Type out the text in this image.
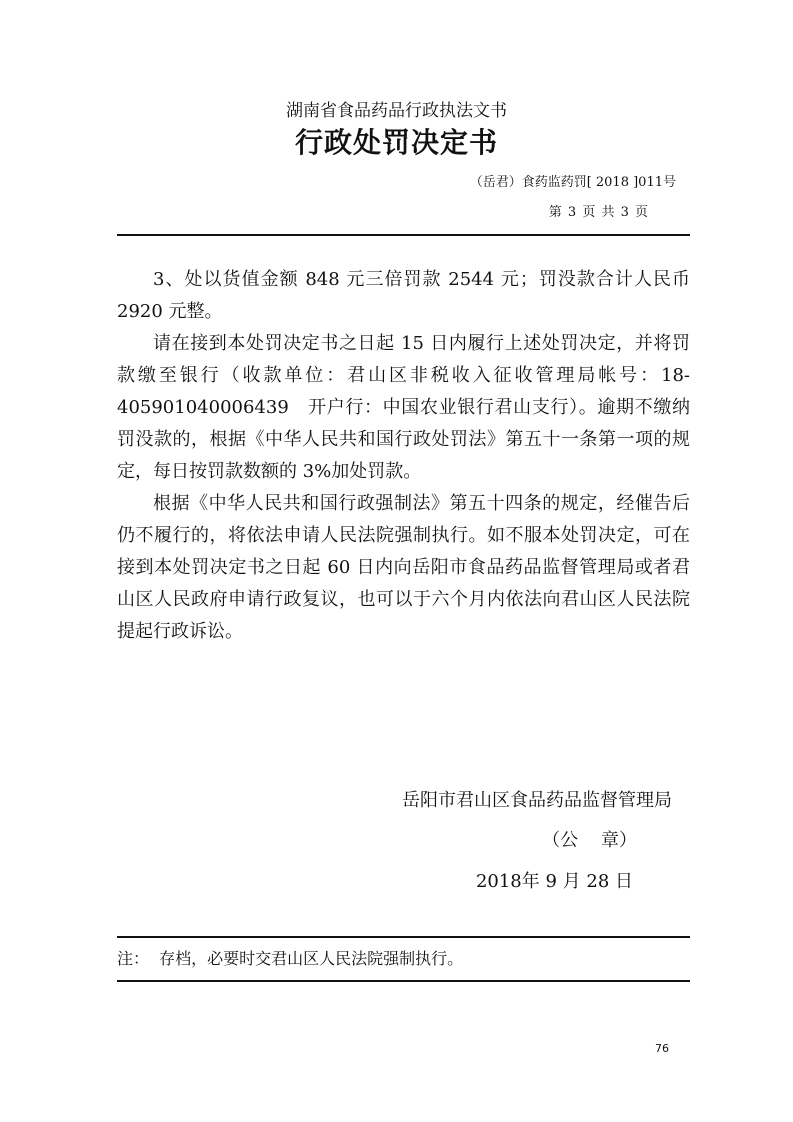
湖南省食品药品行政执法文书
行政处罚决定书
（岳君）食药监药罚[ 2018 ]011号
第 3 页 共 3 页

3、处以货值金额 848 元三倍罚款 2544 元；罚没款合计人民币 2920 元整。

请在接到本处罚决定书之日起 15 日内履行上述处罚决定，并将罚款缴至银行（收款单位：君山区非税收入征收管理局帐号：18-405901040006439　开户行：中国农业银行君山支行）。逾期不缴纳罚没款的，根据《中华人民共和国行政处罚法》第五十一条第一项的规定，每日按罚款数额的 3%加处罚款。

根据《中华人民共和国行政强制法》第五十四条的规定，经催告后仍不履行的，将依法申请人民法院强制执行。如不服本处罚决定，可在接到本处罚决定书之日起 60 日内向岳阳市食品药品监督管理局或者君山区人民政府申请行政复议，也可以于六个月内依法向君山区人民法院提起行政诉讼。

岳阳市君山区食品药品监督管理局
（公    章）
2018年 9 月 28 日
注：  存档，必要时交君山区人民法院强制执行。
76
